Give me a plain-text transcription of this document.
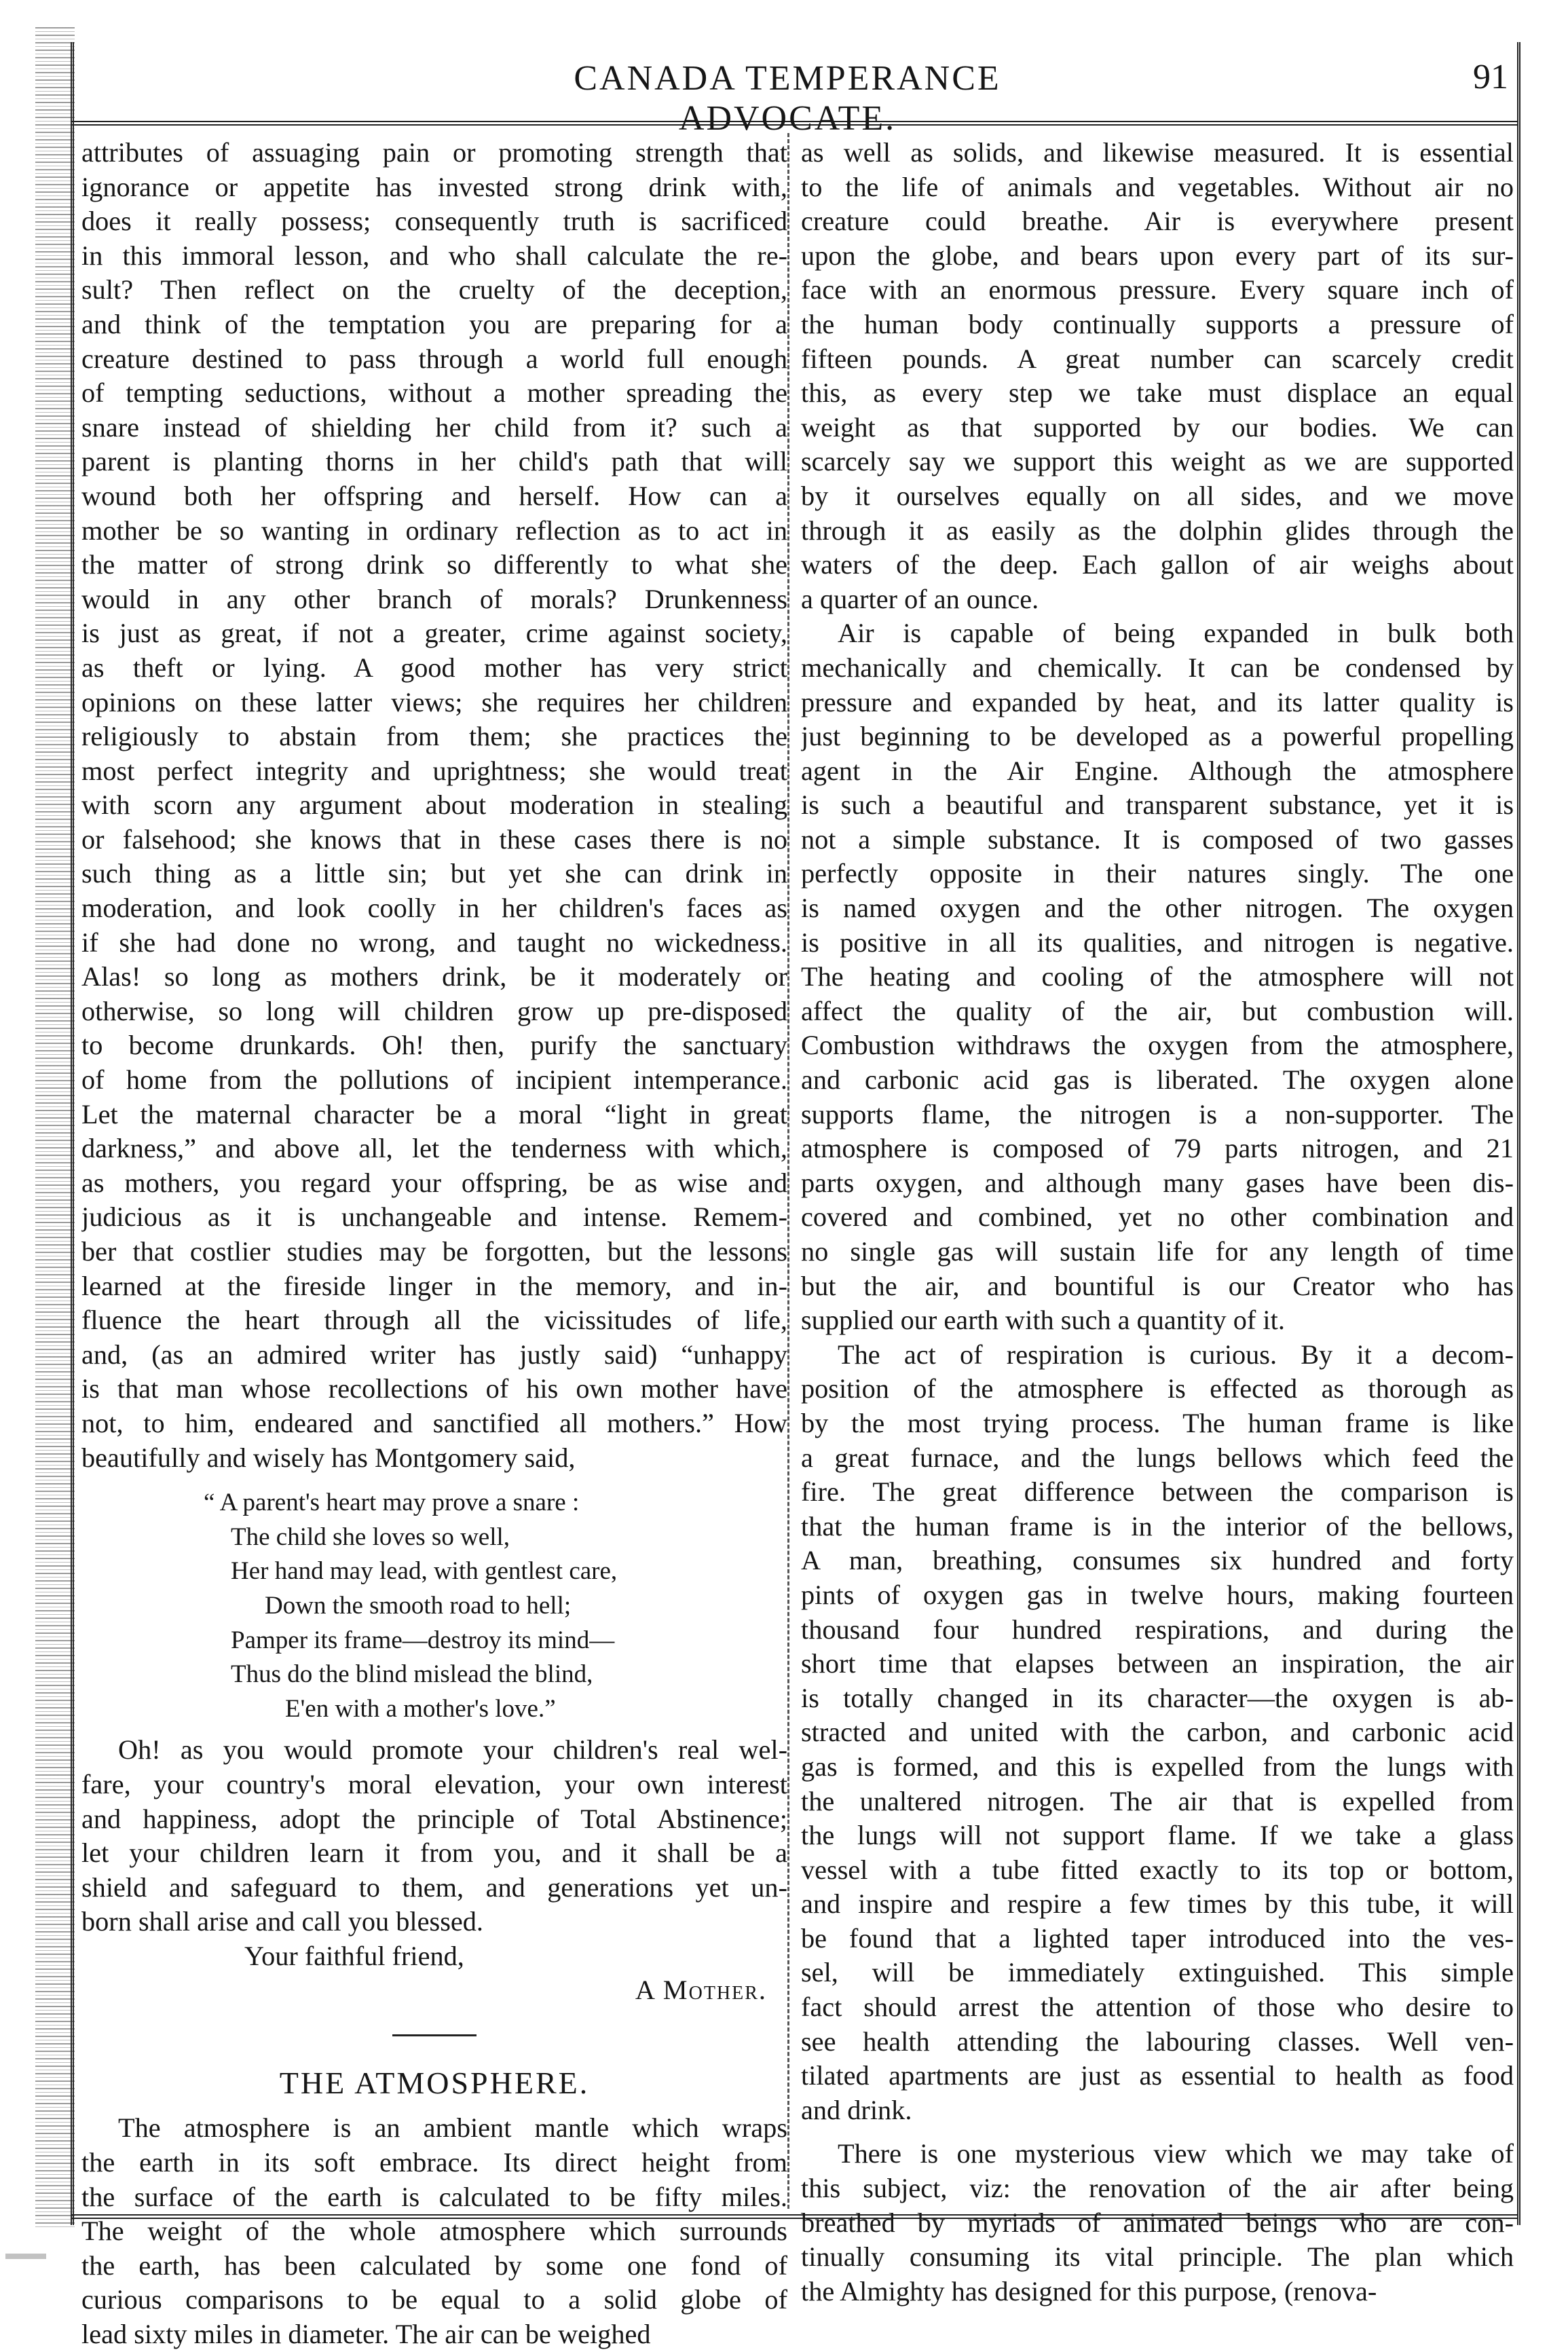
CANADA TEMPERANCE ADVOCATE.
91

attributes of assuaging pain or promoting strength that
ignorance or appetite has invested strong drink with,
does it really possess; consequently truth is sacrificed
in this immoral lesson, and who shall calculate the re-
sult? Then reflect on the cruelty of the deception,
and think of the temptation you are preparing for a
creature destined to pass through a world full enough
of tempting seductions, without a mother spreading the
snare instead of shielding her child from it? such a
parent is planting thorns in her child's path that will
wound both her offspring and herself. How can a
mother be so wanting in ordinary reflection as to act in
the matter of strong drink so differently to what she
would in any other branch of morals? Drunkenness
is just as great, if not a greater, crime against society,
as theft or lying. A good mother has very strict
opinions on these latter views; she requires her children
religiously to abstain from them; she practices the
most perfect integrity and uprightness; she would treat
with scorn any argument about moderation in stealing
or falsehood; she knows that in these cases there is no
such thing as a little sin; but yet she can drink in
moderation, and look coolly in her children's faces as
if she had done no wrong, and taught no wickedness.
Alas! so long as mothers drink, be it moderately or
otherwise, so long will children grow up pre-disposed
to become drunkards. Oh! then, purify the sanctuary
of home from the pollutions of incipient intemperance.
Let the maternal character be a moral “light in great
darkness,” and above all, let the tenderness with which,
as mothers, you regard your offspring, be as wise and
judicious as it is unchangeable and intense. Remem-
ber that costlier studies may be forgotten, but the lessons
learned at the fireside linger in the memory, and in-
fluence the heart through all the vicissitudes of life,
and, (as an admired writer has justly said) “unhappy
is that man whose recollections of his own mother have
not, to him, endeared and sanctified all mothers.” How
beautifully and wisely has Montgomery said,

“ A parent's heart may prove a snare :
The child she loves so well,
Her hand may lead, with gentlest care,
Down the smooth road to hell;
Pamper its frame—destroy its mind—
Thus do the blind mislead the blind,
E'en with a mother's love.”

Oh! as you would promote your children's real wel-
fare, your country's moral elevation, your own interest
and happiness, adopt the principle of Total Abstinence;
let your children learn it from you, and it shall be a
shield and safeguard to them, and generations yet un-
born shall arise and call you blessed.

Your faithful friend,
A Mother.
THE ATMOSPHERE.

The atmosphere is an ambient mantle which wraps
the earth in its soft embrace. Its direct height from
the surface of the earth is calculated to be fifty miles.
The weight of the whole atmosphere which surrounds
the earth, has been calculated by some one fond of
curious comparisons to be equal to a solid globe of
lead sixty miles in diameter. The air can be weighed

as well as solids, and likewise measured. It is essential
to the life of animals and vegetables. Without air no
creature could breathe. Air is everywhere present
upon the globe, and bears upon every part of its sur-
face with an enormous pressure. Every square inch of
the human body continually supports a pressure of
fifteen pounds. A great number can scarcely credit
this, as every step we take must displace an equal
weight as that supported by our bodies. We can
scarcely say we support this weight as we are supported
by it ourselves equally on all sides, and we move
through it as easily as the dolphin glides through the
waters of the deep. Each gallon of air weighs about
a quarter of an ounce.

Air is capable of being expanded in bulk both
mechanically and chemically. It can be condensed by
pressure and expanded by heat, and its latter quality is
just beginning to be developed as a powerful propelling
agent in the Air Engine. Although the atmosphere
is such a beautiful and transparent substance, yet it is
not a simple substance. It is composed of two gasses
perfectly opposite in their natures singly. The one
is named oxygen and the other nitrogen. The oxygen
is positive in all its qualities, and nitrogen is negative.
The heating and cooling of the atmosphere will not
affect the quality of the air, but combustion will.
Combustion withdraws the oxygen from the atmosphere,
and carbonic acid gas is liberated. The oxygen alone
supports flame, the nitrogen is a non-supporter. The
atmosphere is composed of 79 parts nitrogen, and 21
parts oxygen, and although many gases have been dis-
covered and combined, yet no other combination and
no single gas will sustain life for any length of time
but the air, and bountiful is our Creator who has
supplied our earth with such a quantity of it.

The act of respiration is curious. By it a decom-
position of the atmosphere is effected as thorough as
by the most trying process. The human frame is like
a great furnace, and the lungs bellows which feed the
fire. The great difference between the comparison is
that the human frame is in the interior of the bellows,
A man, breathing, consumes six hundred and forty
pints of oxygen gas in twelve hours, making fourteen
thousand four hundred respirations, and during the
short time that elapses between an inspiration, the air
is totally changed in its character—the oxygen is ab-
stracted and united with the carbon, and carbonic acid
gas is formed, and this is expelled from the lungs with
the unaltered nitrogen. The air that is expelled from
the lungs will not support flame. If we take a glass
vessel with a tube fitted exactly to its top or bottom,
and inspire and respire a few times by this tube, it will
be found that a lighted taper introduced into the ves-
sel, will be immediately extinguished. This simple
fact should arrest the attention of those who desire to
see health attending the labouring classes. Well ven-
tilated apartments are just as essential to health as food
and drink.

There is one mysterious view which we may take of
this subject, viz: the renovation of the air after being
breathed by myriads of animated beings who are con-
tinually consuming its vital principle. The plan which
the Almighty has designed for this purpose, (renova-
